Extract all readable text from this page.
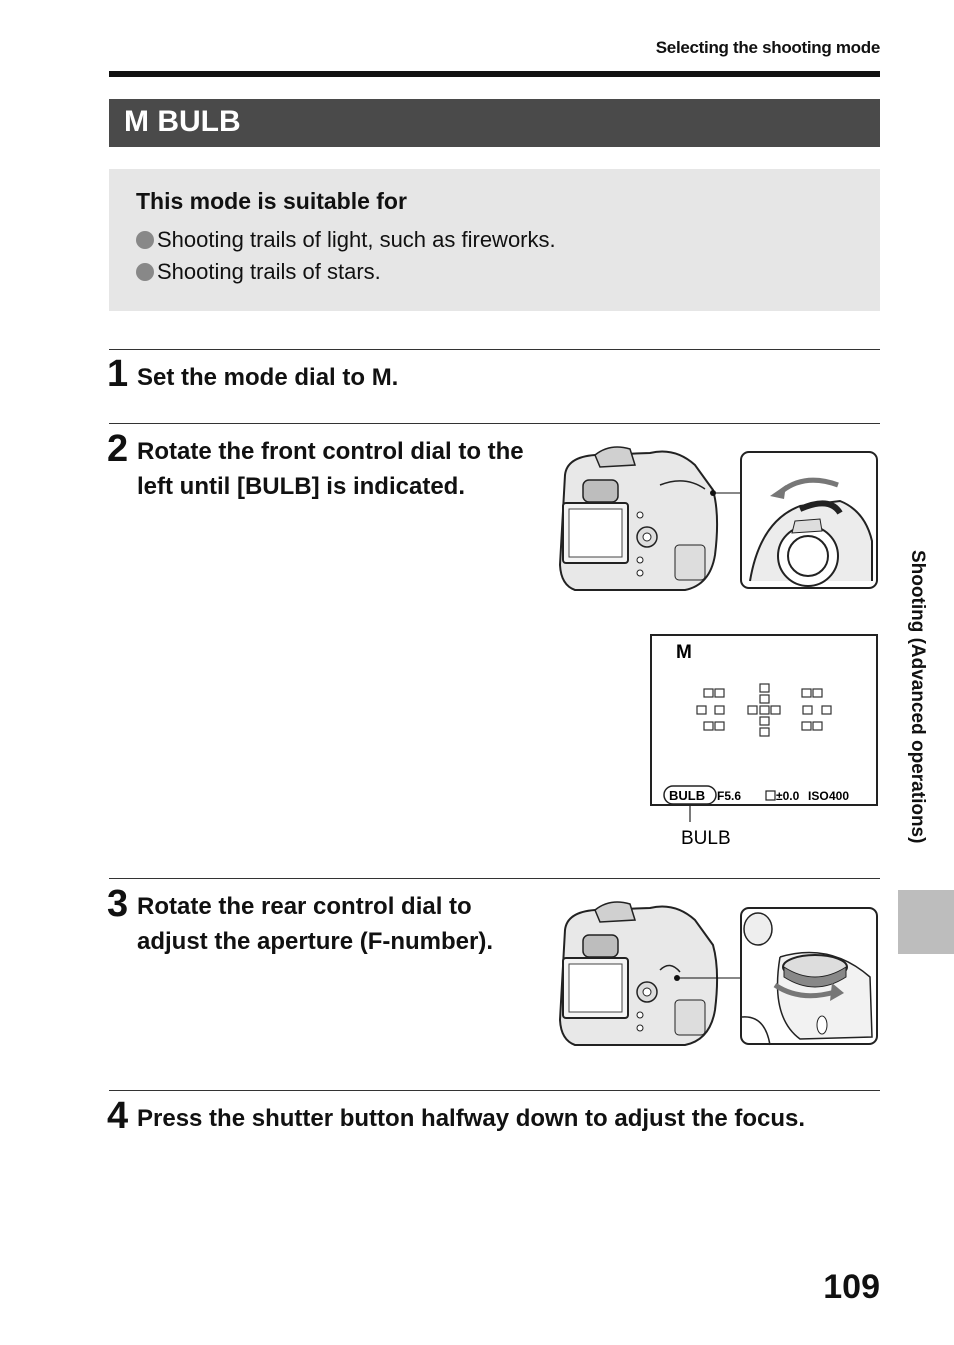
Selecting the shooting mode
M BULB
This mode is suitable for
Shooting trails of light, such as fireworks.
Shooting trails of stars.
1 Set the mode dial to M.
2 Rotate the front control dial to the
left until [BULB] is indicated.
M
BULB F5.6	±0.0 ISO 400
BULB
3 Rotate the rear control dial to
adjust the aperture (F-number).
4 Press the shutter button halfway down to adjust the focus.
Shooting (Advanced operations)
109
